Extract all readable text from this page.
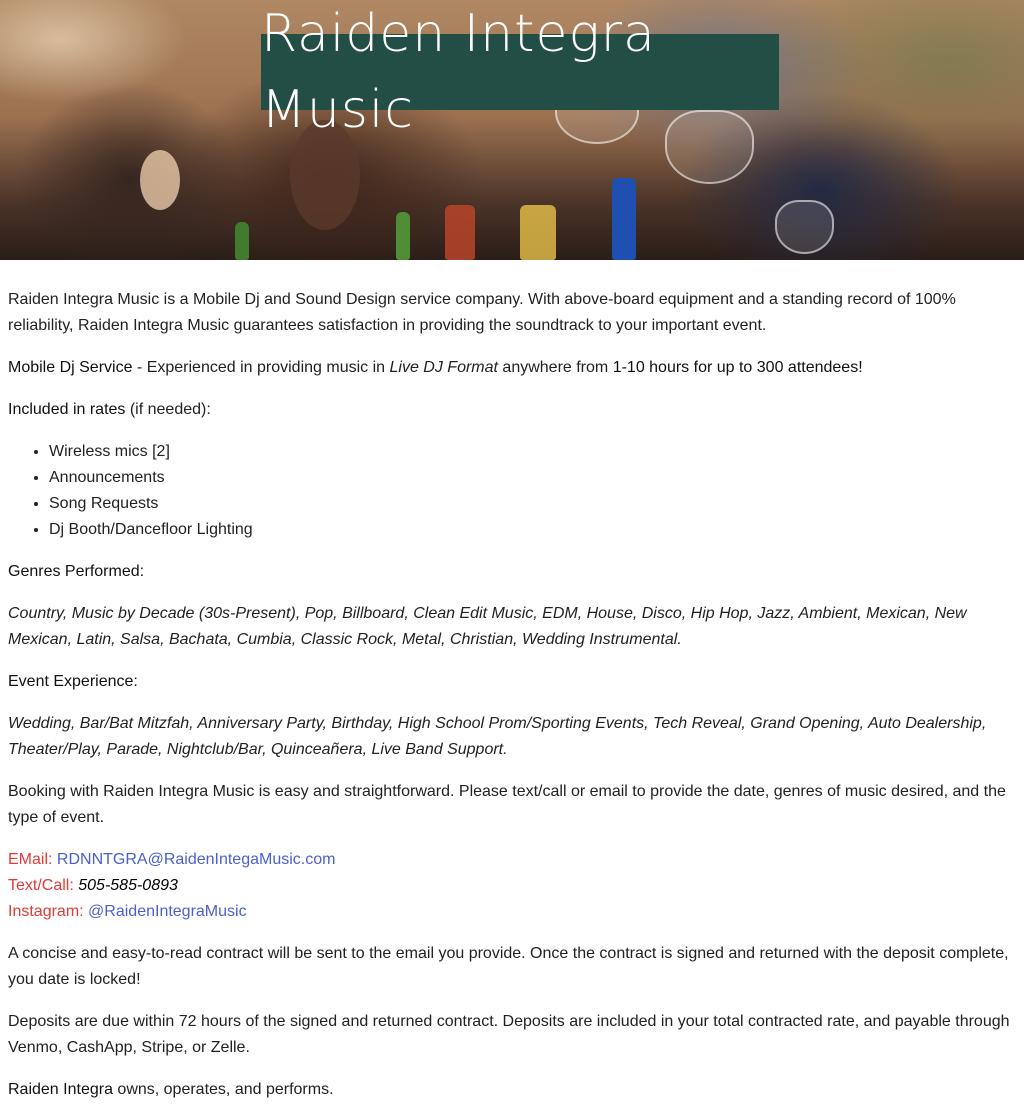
Raiden Integra Music

Raiden Integra Music is a Mobile Dj and Sound Design service company. With above-board equipment and a standing record of 100% reliability, Raiden Integra Music guarantees satisfaction in providing the soundtrack to your important event.

Mobile Dj Service - Experienced in providing music in Live DJ Format anywhere from 1-10 hours for up to 300 attendees!

Included in rates (if needed):

• Wireless mics [2]
• Announcements
• Song Requests
• Dj Booth/Dancefloor Lighting

Genres Performed:

Country, Music by Decade (30s-Present), Pop, Billboard, Clean Edit Music, EDM, House, Disco, Hip Hop, Jazz, Ambient, Mexican, New Mexican, Latin, Salsa, Bachata, Cumbia, Classic Rock, Metal, Christian, Wedding Instrumental.

Event Experience:

Wedding, Bar/Bat Mitzfah, Anniversary Party, Birthday, High School Prom/Sporting Events, Tech Reveal, Grand Opening, Auto Dealership, Theater/Play, Parade, Nightclub/Bar, Quinceañera, Live Band Support.

Booking with Raiden Integra Music is easy and straightforward. Please text/call or email to provide the date, genres of music desired, and the type of event.

EMail: RDNNTGRA@RaidenIntegaMusic.com
Text/Call: 505-585-0893
Instagram: @RaidenIntegraMusic

A concise and easy-to-read contract will be sent to the email you provide. Once the contract is signed and returned with the deposit complete, you date is locked!

Deposits are due within 72 hours of the signed and returned contract. Deposits are included in your total contracted rate, and payable through Venmo, CashApp, Stripe, or Zelle.

Raiden Integra owns, operates, and performs.
